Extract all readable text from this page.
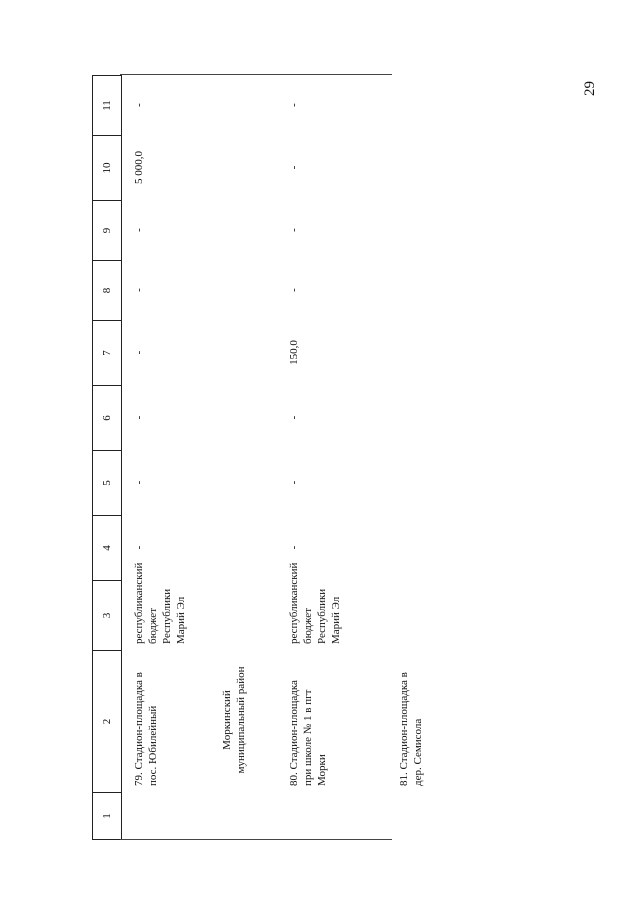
29
1
2
3
4
5
6
7
8
9
10
11
79. Стадион-площадка в пос. Юбилейный
республиканский бюджет Республики Марий Эл
-
-
-
-
-
-
5 000,0
-
Моркинский муниципальный район	80. Стадион-площадка при школе № 1 в пгт Морки
республиканский бюджет Республики Марий Эл
-
-
-
150,0
-
-
-
-
81. Стадион-площадка в дер. Семисола
